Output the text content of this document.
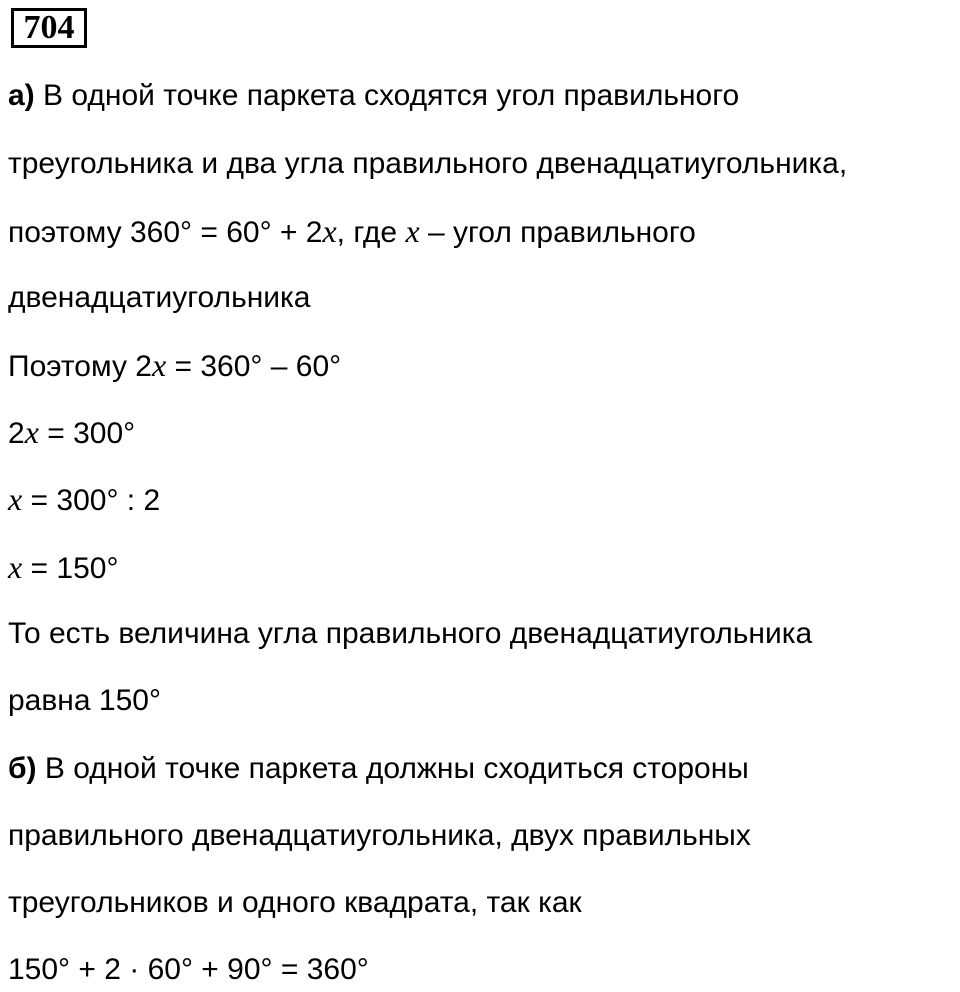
704
а) В одной точке паркета сходятся угол правильного
треугольника и два угла правильного двенадцатиугольника,
поэтому 360° = 60° + 2x, где x – угол правильного
двенадцатиугольника
Поэтому 2x = 360° – 60°
2x = 300°
x = 300° : 2
x = 150°
То есть величина угла правильного двенадцатиугольника
равна 150°
б) В одной точке паркета должны сходиться стороны
правильного двенадцатиугольника, двух правильных
треугольников и одного квадрата, так как
150° + 2 · 60° + 90° = 360°
